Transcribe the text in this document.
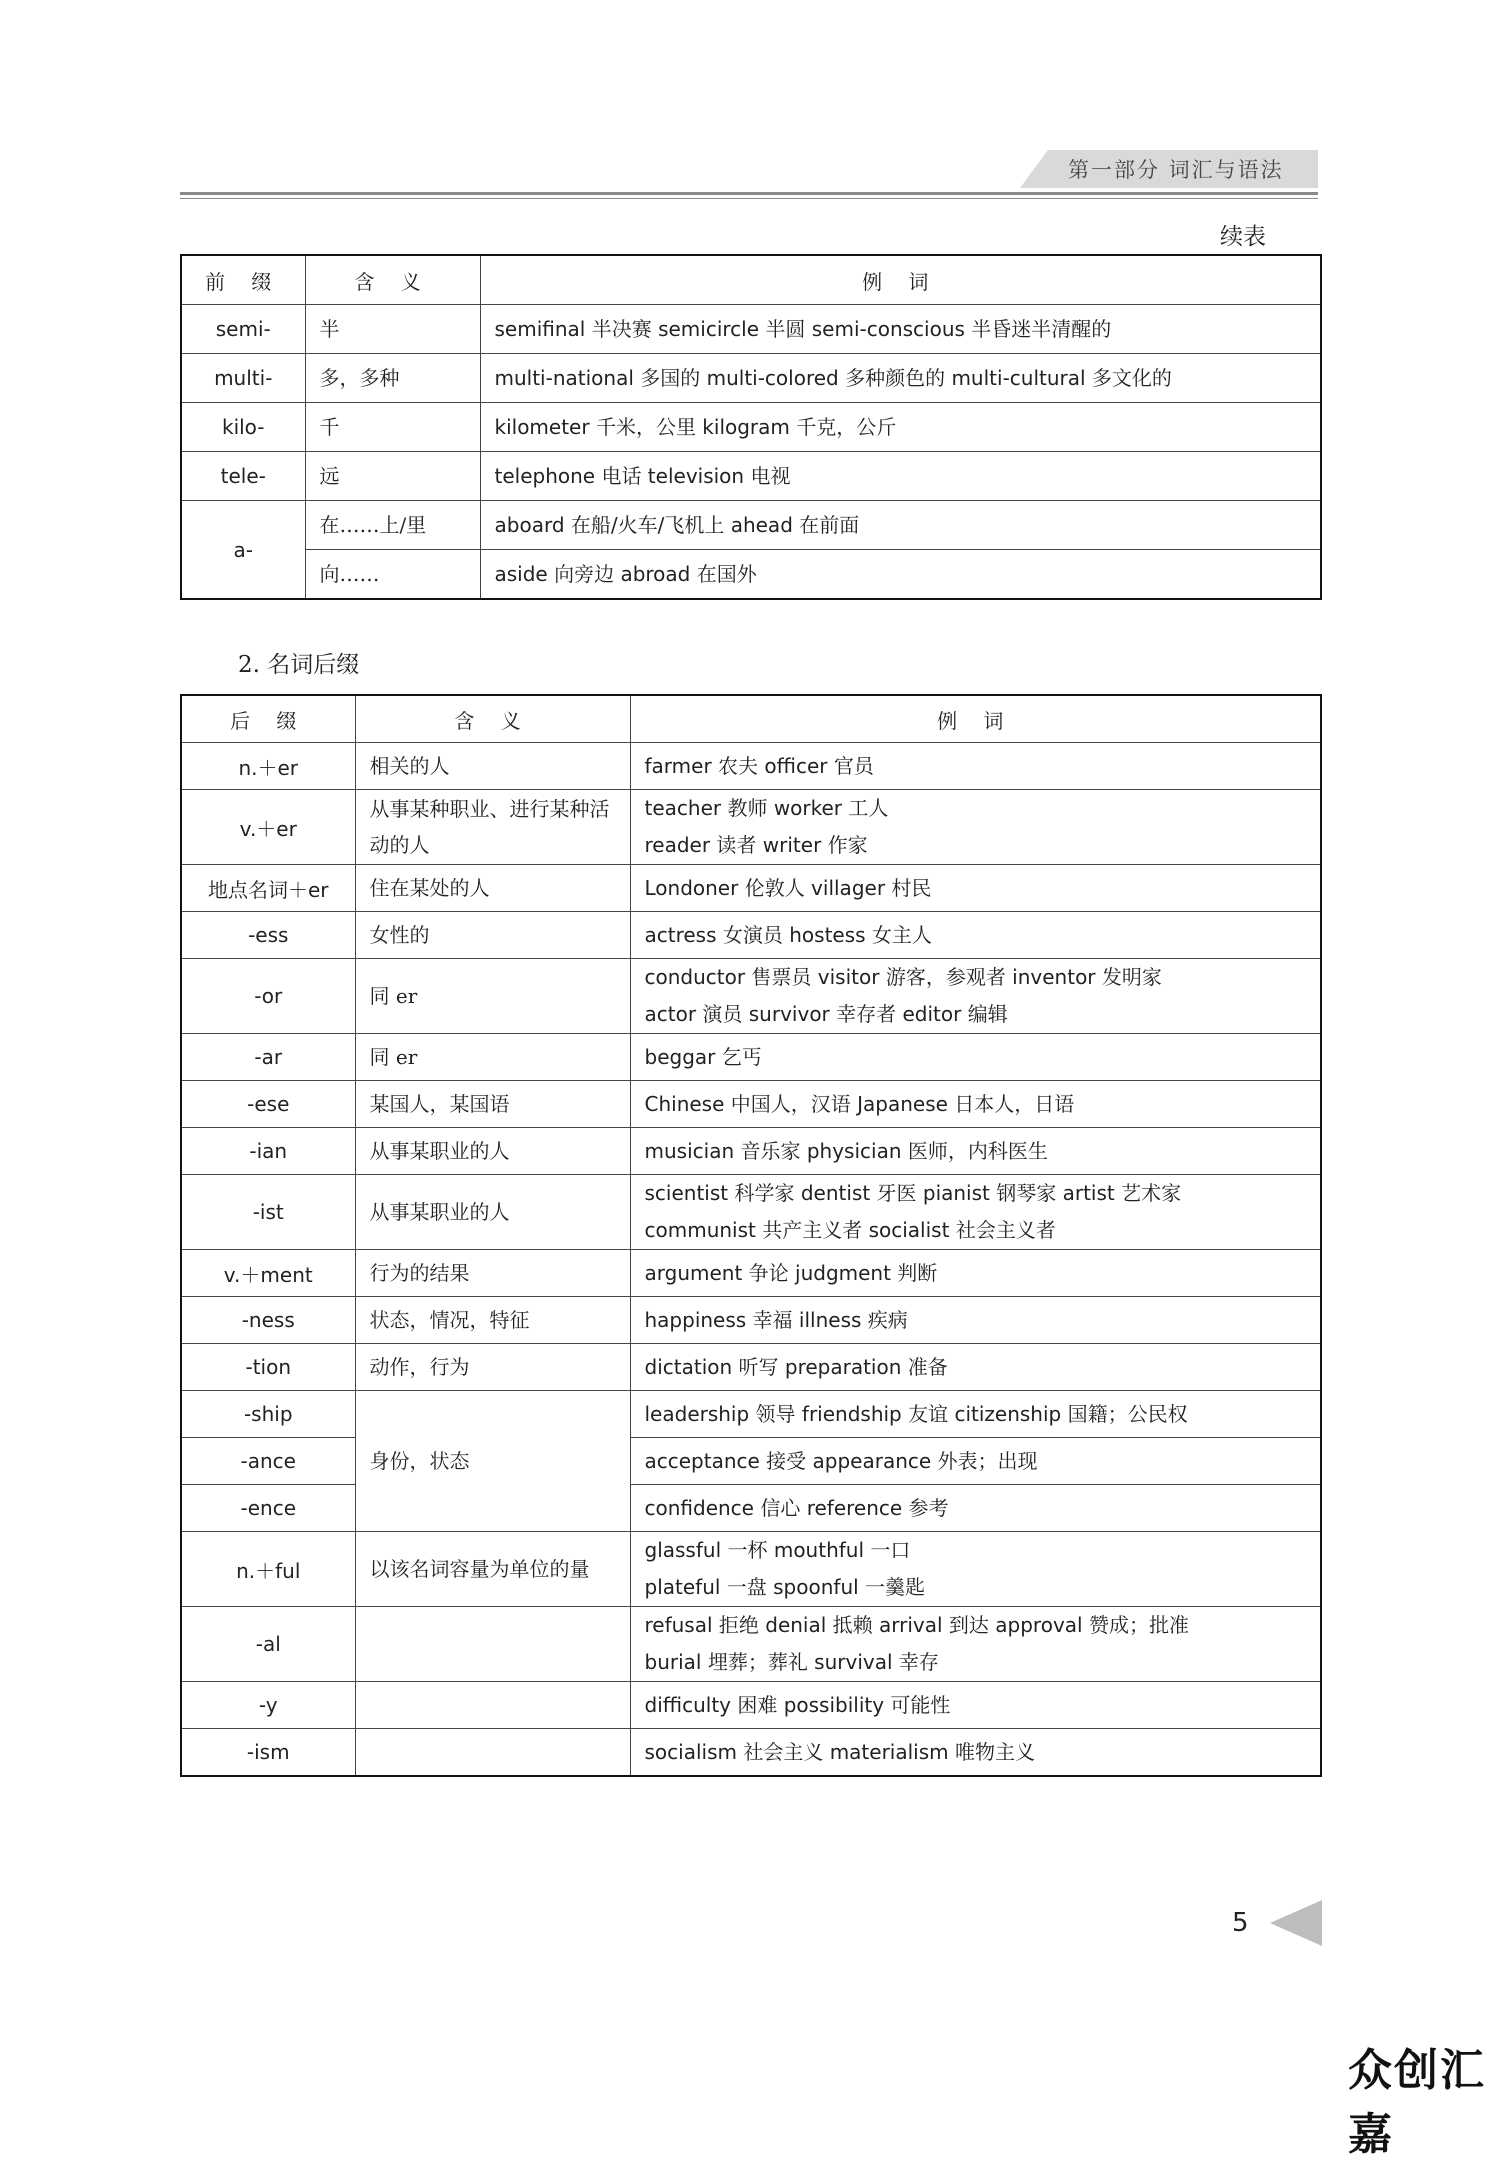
第一部分 词汇与语法
续表
前 缀	含 义	例 词
semi-	半	semifinal 半决赛 semicircle 半圆 semi-conscious 半昏迷半清醒的
multi-	多，多种	multi-national 多国的 multi-colored 多种颜色的 multi-cultural 多文化的
kilo-	千	kilometer 千米，公里 kilogram 千克，公斤
tele-	远	telephone 电话 television 电视
a-	在……上/里	aboard 在船/火车/飞机上 ahead 在前面
	向……	aside 向旁边 abroad 在国外
2. 名词后缀
后 缀	含 义	例 词
n.＋er	相关的人	farmer 农夫 officer 官员

v.＋er	从事某种职业、进行某种活动的人	teacher 教师 worker 工人
reader 读者 writer 作家

地点名词＋er	住在某处的人	Londoner 伦敦人 villager 村民

-ess	女性的	actress 女演员 hostess 女主人

-or	同 er	conductor 售票员 visitor 游客，参观者 inventor 发明家
actor 演员 survivor 幸存者 editor 编辑

-ar	同 er	beggar 乞丐

-ese	某国人，某国语	Chinese 中国人，汉语 Japanese 日本人，日语

-ian	从事某职业的人	musician 音乐家 physician 医师，内科医生

-ist	从事某职业的人	scientist 科学家 dentist 牙医 pianist 钢琴家 artist 艺术家
communist 共产主义者 socialist 社会主义者

v.＋ment	行为的结果	argument 争论 judgment 判断

-ness	状态，情况，特征	happiness 幸福 illness 疾病

-tion	动作，行为	dictation 听写 preparation 准备

-ship	身份，状态	leadership 领导 friendship 友谊 citizenship 国籍；公民权

-ance		acceptance 接受 appearance 外表；出现

-ence		confidence 信心 reference 参考

n.＋ful	以该名词容量为单位的量	glassful 一杯 mouthful 一口
plateful 一盘 spoonful 一羹匙

-al		refusal 拒绝 denial 抵赖 arrival 到达 approval 赞成；批准
burial 埋葬；葬礼 survival 幸存

-y		difficulty 困难 possibility 可能性

-ism		socialism 社会主义 materialism 唯物主义
5
众创汇嘉
